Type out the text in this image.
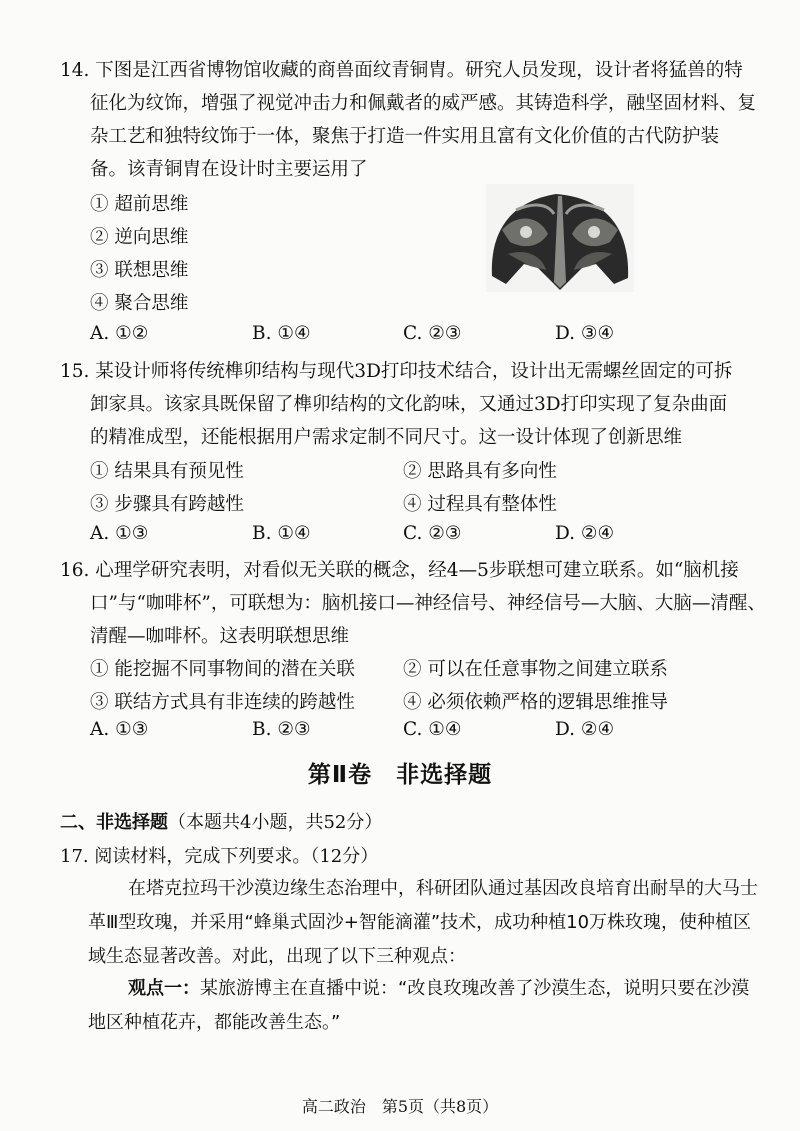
14. 下图是江西省博物馆收藏的商兽面纹青铜胄。研究人员发现，设计者将猛兽的特
征化为纹饰，增强了视觉冲击力和佩戴者的威严感。其铸造科学，融坚固材料、复
杂工艺和独特纹饰于一体，聚焦于打造一件实用且富有文化价值的古代防护装
备。该青铜胄在设计时主要运用了
① 超前思维
② 逆向思维
③ 联想思维
④ 聚合思维
A. ①②	B. ①④	C. ②③	D. ③④
15. 某设计师将传统榫卯结构与现代3D打印技术结合，设计出无需螺丝固定的可拆
卸家具。该家具既保留了榫卯结构的文化韵味，又通过3D打印实现了复杂曲面
的精准成型，还能根据用户需求定制不同尺寸。这一设计体现了创新思维
① 结果具有预见性	② 思路具有多向性
③ 步骤具有跨越性	④ 过程具有整体性
A. ①③	B. ①④	C. ②③	D. ②④
16. 心理学研究表明，对看似无关联的概念，经4—5步联想可建立联系。如“脑机接
口”与“咖啡杯”，可联想为：脑机接口—神经信号、神经信号—大脑、大脑—清醒、
清醒—咖啡杯。这表明联想思维
① 能挖掘不同事物间的潜在关联	② 可以在任意事物之间建立联系
③ 联结方式具有非连续的跨越性	④ 必须依赖严格的逻辑思维推导
A. ①③	B. ②③	C. ①④	D. ②④
第Ⅱ卷　非选择题
二、非选择题（本题共4小题，共52分）
17. 阅读材料，完成下列要求。（12分）
在塔克拉玛干沙漠边缘生态治理中，科研团队通过基因改良培育出耐旱的大马士革Ⅲ型玫瑰，并采用“蜂巢式固沙+智能滴灌”技术，成功种植10万株玫瑰，使种植区域生态显著改善。对此，出现了以下三种观点：
观点一：某旅游博主在直播中说：“改良玫瑰改善了沙漠生态，说明只要在沙漠地区种植花卉，都能改善生态。”
高二政治　第5页（共8页）
